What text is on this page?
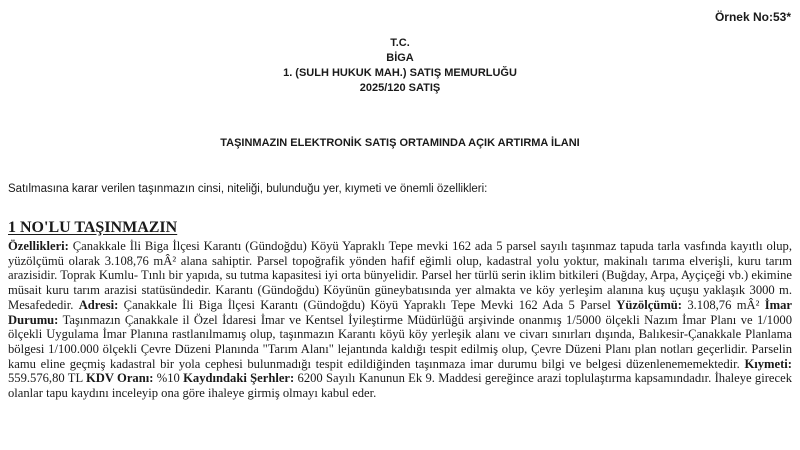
Örnek No:53*
T.C.
BİGA
1. (SULH HUKUK MAH.) SATIŞ MEMURLUĞU
2025/120 SATIŞ
TAŞINMAZIN ELEKTRONİK SATIŞ ORTAMINDA AÇIK ARTIRMA İLANI
Satılmasına karar verilen taşınmazın cinsi, niteliği, bulunduğu yer, kıymeti ve önemli özellikleri:
1 NO'LU TAŞINMAZIN

Özellikleri: Çanakkale İli Biga İlçesi Karantı (Gündoğdu) Köyü Yapraklı Tepe mevki 162 ada 5 parsel sayılı taşınmaz tapuda tarla vasfında kayıtlı olup, yüzölçümü olarak 3.108,76 mÂ² alana sahiptir. Parsel topoğrafik yönden hafif eğimli olup, kadastral yolu yoktur, makinalı tarıma elverişli, kuru tarım arazisidir. Toprak Kumlu- Tınlı bir yapıda, su tutma kapasitesi iyi orta bünyelidir. Parsel her türlü serin iklim bitkileri (Buğday, Arpa, Ayçiçeği vb.) ekimine müsait kuru tarım arazisi statüsündedir. Karantı (Gündoğdu) Köyünün güneybatısında yer almakta ve köy yerleşim alanına kuş uçuşu yaklaşık 3000 m. Mesafededir. Adresi: Çanakkale İli Biga İlçesi Karantı (Gündoğdu) Köyü Yapraklı Tepe Mevki 162 Ada 5 Parsel Yüzölçümü: 3.108,76 mÂ² İmar Durumu: Taşınmazın Çanakkale il Özel İdaresi İmar ve Kentsel İyileştirme Müdürlüğü arşivinde onanmış 1/5000 ölçekli Nazım İmar Planı ve 1/1000 ölçekli Uygulama İmar Planına rastlanılmamış olup, taşınmazın Karantı köyü köy yerleşik alanı ve civarı sınırları dışında, Balıkesir-Çanakkale Planlama bölgesi 1/100.000 ölçekli Çevre Düzeni Planında "Tarım Alanı" lejantında kaldığı tespit edilmiş olup, Çevre Düzeni Planı plan notları geçerlidir. Parselin kamu eline geçmiş kadastral bir yola cephesi bulunmadığı tespit edildiğinden taşınmaza imar durumu bilgi ve belgesi düzenlenememektedir. Kıymeti: 559.576,80 TL KDV Oranı: %10 Kaydındaki Şerhler: 6200 Sayılı Kanunun Ek 9. Maddesi gereğince arazi toplulaştırma kapsamındadır. İhaleye girecek olanlar tapu kaydını inceleyip ona göre ihaleye girmiş olmayı kabul eder.
